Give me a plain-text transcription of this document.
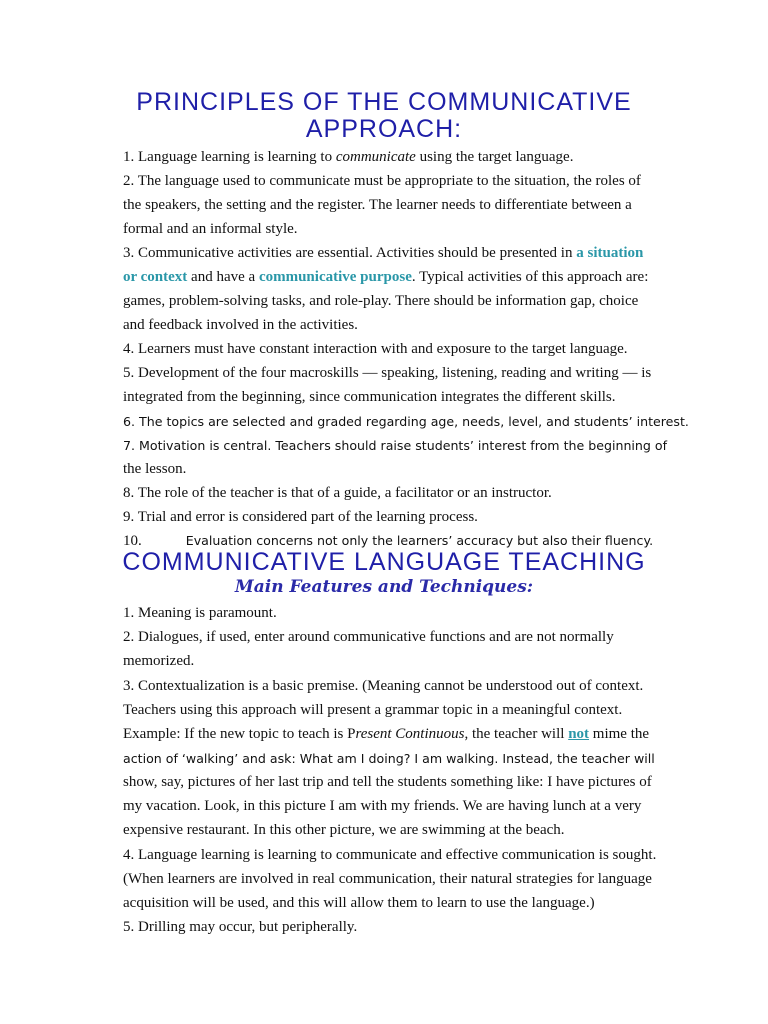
PRINCIPLES OF THE COMMUNICATIVE
APPROACH:

1. Language learning is learning to communicate using the target language.

2. The language used to communicate must be appropriate to the situation, the roles of

the speakers, the setting and the register. The learner needs to differentiate between a

formal and an informal style.

3. Communicative activities are essential. Activities should be presented in a situation

or context and have a communicative purpose. Typical activities of this approach are:

games, problem-solving tasks, and role-play. There should be information gap, choice

and feedback involved in the activities.

4. Learners must have constant interaction with and exposure to the target language.

5. Development of the four macroskills — speaking, listening, reading and writing — is

integrated from the beginning, since communication integrates the different skills.

6. The topics are selected and graded regarding age, needs, level, and students’ interest.

7. Motivation is central. Teachers should raise students’ interest from the beginning of

the lesson.

8. The role of the teacher is that of a guide, a facilitator or an instructor.

9. Trial and error is considered part of the learning process.

10.	Evaluation concerns not only the learners’ accuracy but also their fluency.

COMMUNICATIVE LANGUAGE TEACHING
Main Features and Techniques:

1. Meaning is paramount.

2. Dialogues, if used, enter around communicative functions and are not normally

memorized.

3. Contextualization is a basic premise. (Meaning cannot be understood out of context.

Teachers using this approach will present a grammar topic in a meaningful context.

Example: If the new topic to teach is Present Continuous, the teacher will not mime the

action of ‘walking’ and ask: What am I doing? I am walking. Instead, the teacher will

show, say, pictures of her last trip and tell the students something like: I have pictures of

my vacation. Look, in this picture I am with my friends. We are having lunch at a very

expensive restaurant. In this other picture, we are swimming at the beach.

4. Language learning is learning to communicate and effective communication is sought.

(When learners are involved in real communication, their natural strategies for language

acquisition will be used, and this will allow them to learn to use the language.)

5. Drilling may occur, but peripherally.
